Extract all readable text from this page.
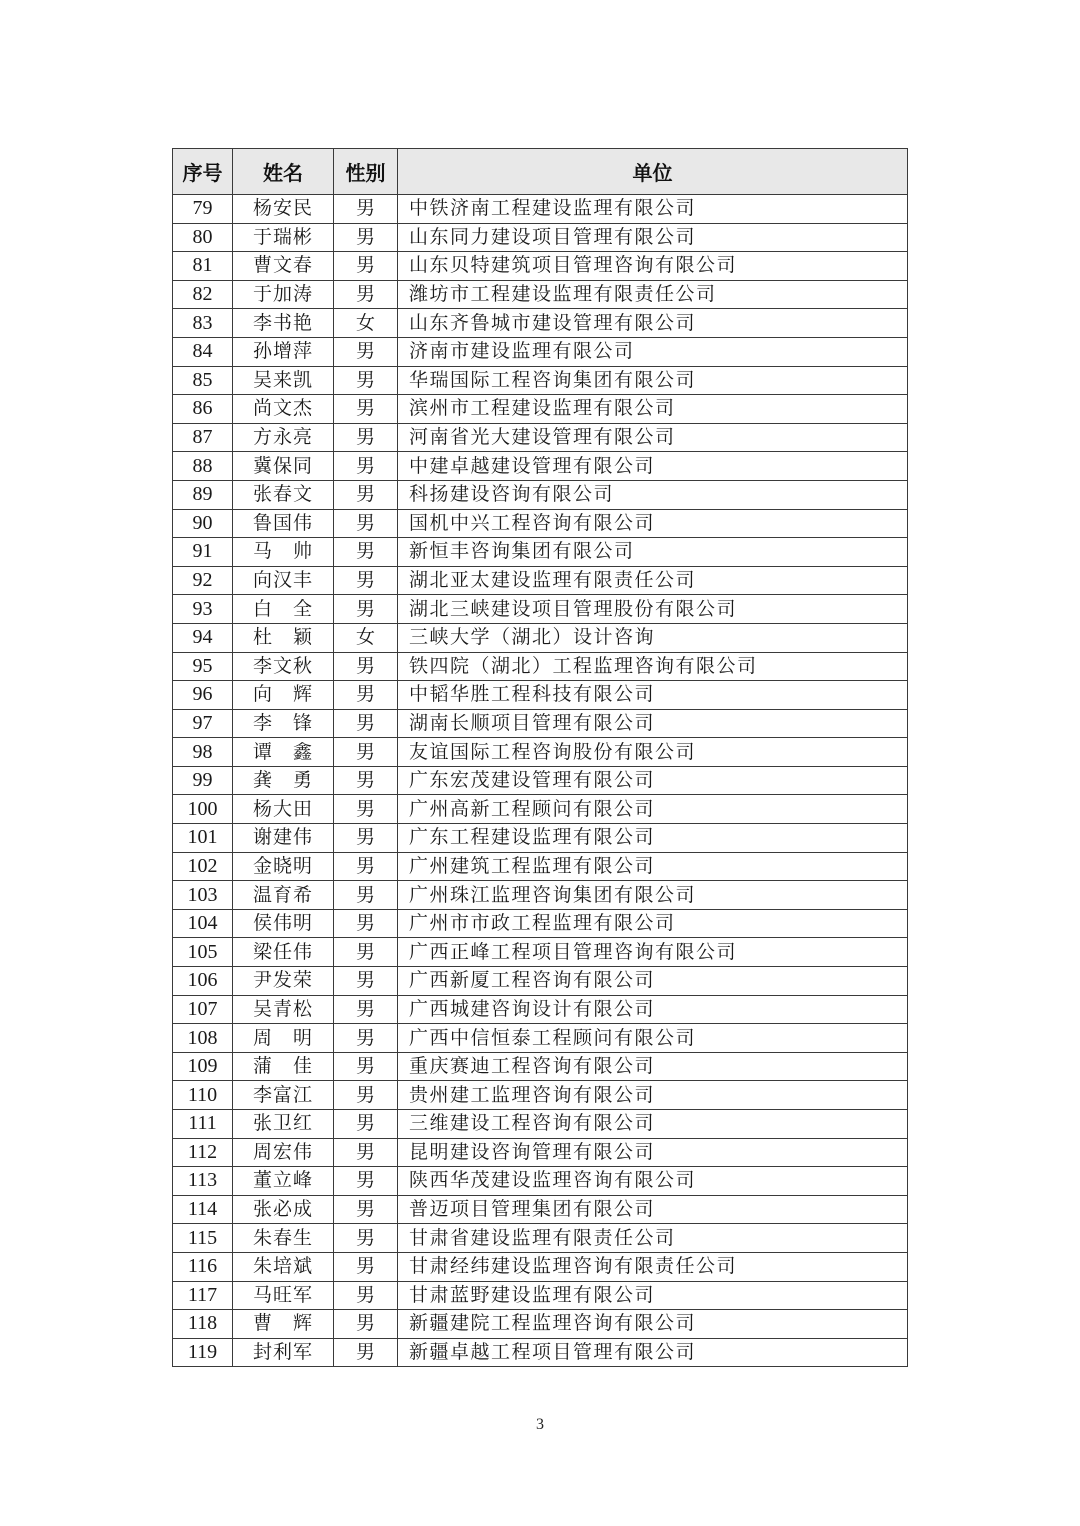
序号	姓名	性别	单位
79	杨安民	男	中铁济南工程建设监理有限公司
80	于瑞彬	男	山东同力建设项目管理有限公司
81	曹文春	男	山东贝特建筑项目管理咨询有限公司
82	于加涛	男	潍坊市工程建设监理有限责任公司
83	李书艳	女	山东齐鲁城市建设管理有限公司
84	孙增萍	男	济南市建设监理有限公司
85	吴来凯	男	华瑞国际工程咨询集团有限公司
86	尚文杰	男	滨州市工程建设监理有限公司
87	方永亮	男	河南省光大建设管理有限公司
88	冀保同	男	中建卓越建设管理有限公司
89	张春文	男	科扬建设咨询有限公司
90	鲁国伟	男	国机中兴工程咨询有限公司
91	马　帅	男	新恒丰咨询集团有限公司
92	向汉丰	男	湖北亚太建设监理有限责任公司
93	白　全	男	湖北三峡建设项目管理股份有限公司
94	杜　颖	女	三峡大学（湖北）设计咨询
95	李文秋	男	铁四院（湖北）工程监理咨询有限公司
96	向　辉	男	中韬华胜工程科技有限公司
97	李　锋	男	湖南长顺项目管理有限公司
98	谭　鑫	男	友谊国际工程咨询股份有限公司
99	龚　勇	男	广东宏茂建设管理有限公司
100	杨大田	男	广州高新工程顾问有限公司
101	谢建伟	男	广东工程建设监理有限公司
102	金晓明	男	广州建筑工程监理有限公司
103	温育希	男	广州珠江监理咨询集团有限公司
104	侯伟明	男	广州市市政工程监理有限公司
105	梁任伟	男	广西正峰工程项目管理咨询有限公司
106	尹发荣	男	广西新厦工程咨询有限公司
107	吴青松	男	广西城建咨询设计有限公司
108	周　明	男	广西中信恒泰工程顾问有限公司
109	蒲　佳	男	重庆赛迪工程咨询有限公司
110	李富江	男	贵州建工监理咨询有限公司
111	张卫红	男	三维建设工程咨询有限公司
112	周宏伟	男	昆明建设咨询管理有限公司
113	董立峰	男	陕西华茂建设监理咨询有限公司
114	张必成	男	普迈项目管理集团有限公司
115	朱春生	男	甘肃省建设监理有限责任公司
116	朱培斌	男	甘肃经纬建设监理咨询有限责任公司
117	马旺军	男	甘肃蓝野建设监理有限公司
118	曹　辉	男	新疆建院工程监理咨询有限公司
119	封利军	男	新疆卓越工程项目管理有限公司
3
